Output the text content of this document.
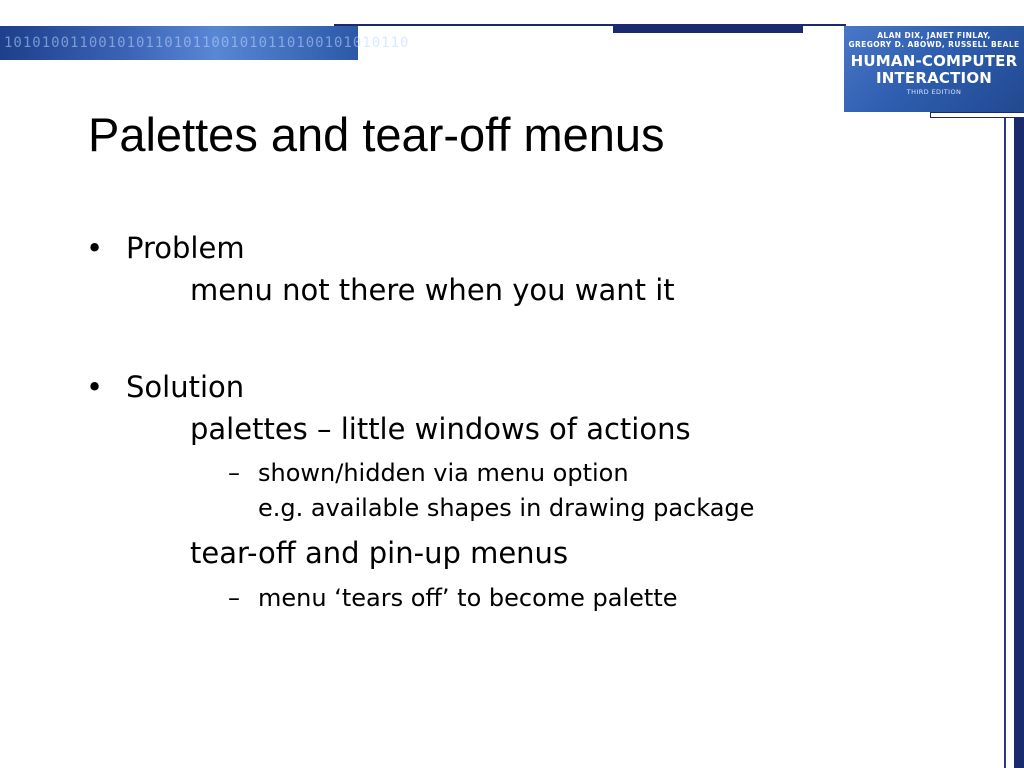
1010100110010101101011001010110100101010110	ALAN DIX, JANET FINLAY,
GREGORY D. ABOWD, RUSSELL BEALE
HUMAN-COMPUTER
INTERACTION
THIRD EDITION
Palettes and tear-off menus
• Problem
menu not there when you want it
• Solution
palettes – little windows of actions
– shown/hidden via menu option
e.g. available shapes in drawing package
tear-off and pin-up menus
– menu ‘tears off’ to become palette
